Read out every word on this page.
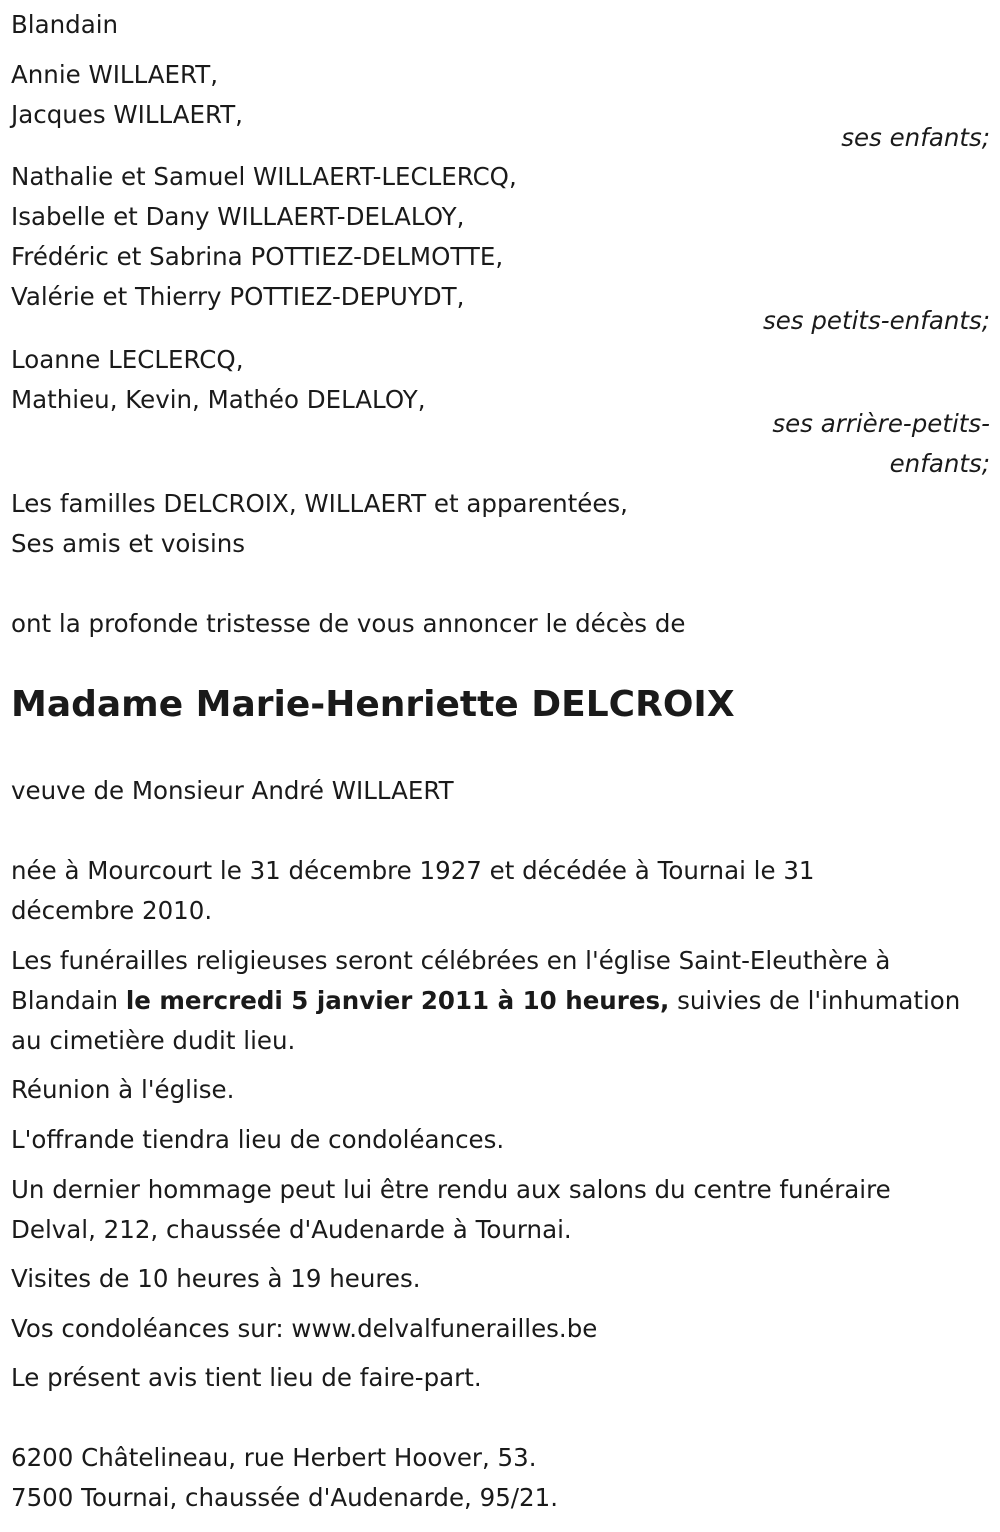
Blandain
Annie WILLAERT,
Jacques WILLAERT,
ses enfants;
Nathalie et Samuel WILLAERT-LECLERCQ,
Isabelle et Dany WILLAERT-DELALOY,
Frédéric et Sabrina POTTIEZ-DELMOTTE,
Valérie et Thierry POTTIEZ-DEPUYDT,
ses petits-enfants;
Loanne LECLERCQ,
Mathieu, Kevin, Mathéo DELALOY,
ses arrière-petits-
enfants;
Les familles DELCROIX, WILLAERT et apparentées,
Ses amis et voisins
ont la profonde tristesse de vous annoncer le décès de
Madame Marie-Henriette DELCROIX
veuve de Monsieur André WILLAERT
née à Mourcourt le 31 décembre 1927 et décédée à Tournai le 31
décembre 2010.
Les funérailles religieuses seront célébrées en l'église Saint-Eleuthère à
Blandain le mercredi 5 janvier 2011 à 10 heures, suivies de l'inhumation
au cimetière dudit lieu.
Réunion à l'église.
L'offrande tiendra lieu de condoléances.
Un dernier hommage peut lui être rendu aux salons du centre funéraire
Delval, 212, chaussée d'Audenarde à Tournai.
Visites de 10 heures à 19 heures.
Vos condoléances sur: www.delvalfunerailles.be
Le présent avis tient lieu de faire-part.
6200 Châtelineau, rue Herbert Hoover, 53.
7500 Tournai, chaussée d'Audenarde, 95/21.
